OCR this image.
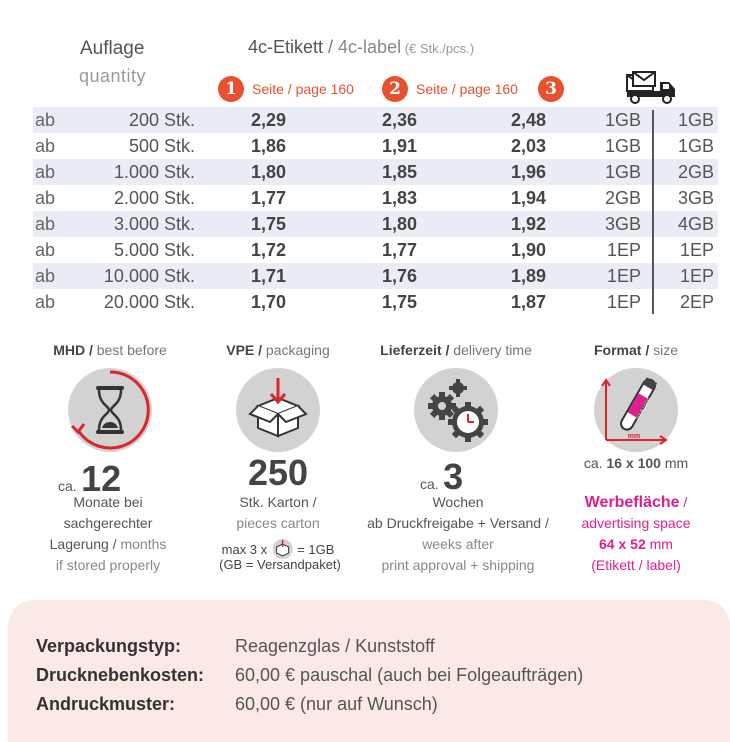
Auflage
quantity
4c-Etikett / 4c-label (€ Stk./pcs.)
1	Seite / page 160	2	Seite / page 160	3
ab	200 Stk.	2,29	2,36	2,48	1GB 1GB
ab	500 Stk.	1,86	1,91	2,03	1GB 1GB
ab	1.000 Stk.	1,80	1,85	1,96	1GB 2GB
ab	2.000 Stk.	1,77	1,83	1,94	2GB 3GB
ab	3.000 Stk.	1,75	1,80	1,92	3GB 4GB
ab	5.000 Stk.	1,72	1,77	1,90	1EP 1EP
ab	10.000 Stk.	1,71	1,76	1,89	1EP 1EP
ab	20.000 Stk.	1,70	1,75	1,87	1EP 2EP
MHD / best before
ca. 12
Monate bei
sachgerechter
Lagerung / months
if stored properly
VPE / packaging
250
Stk. Karton /
pieces carton
max 3 x = 1GB
(GB = Versandpaket)
Lieferzeit / delivery time
ca. 3
Wochen
ab Druckfreigabe + Versand /
weeks after
print approval + shipping
Format / size
YOUR LOGO
mm
ca. 16 x 100 mm
Werbefläche /
advertising space
64 x 52 mm
(Etikett / label)
Verpackungstyp:	Reagenzglas / Kunststoff
Drucknebenkosten: 60,00 € pauschal (auch bei Folgeaufträgen)
Andruckmuster:	60,00 € (nur auf Wunsch)
